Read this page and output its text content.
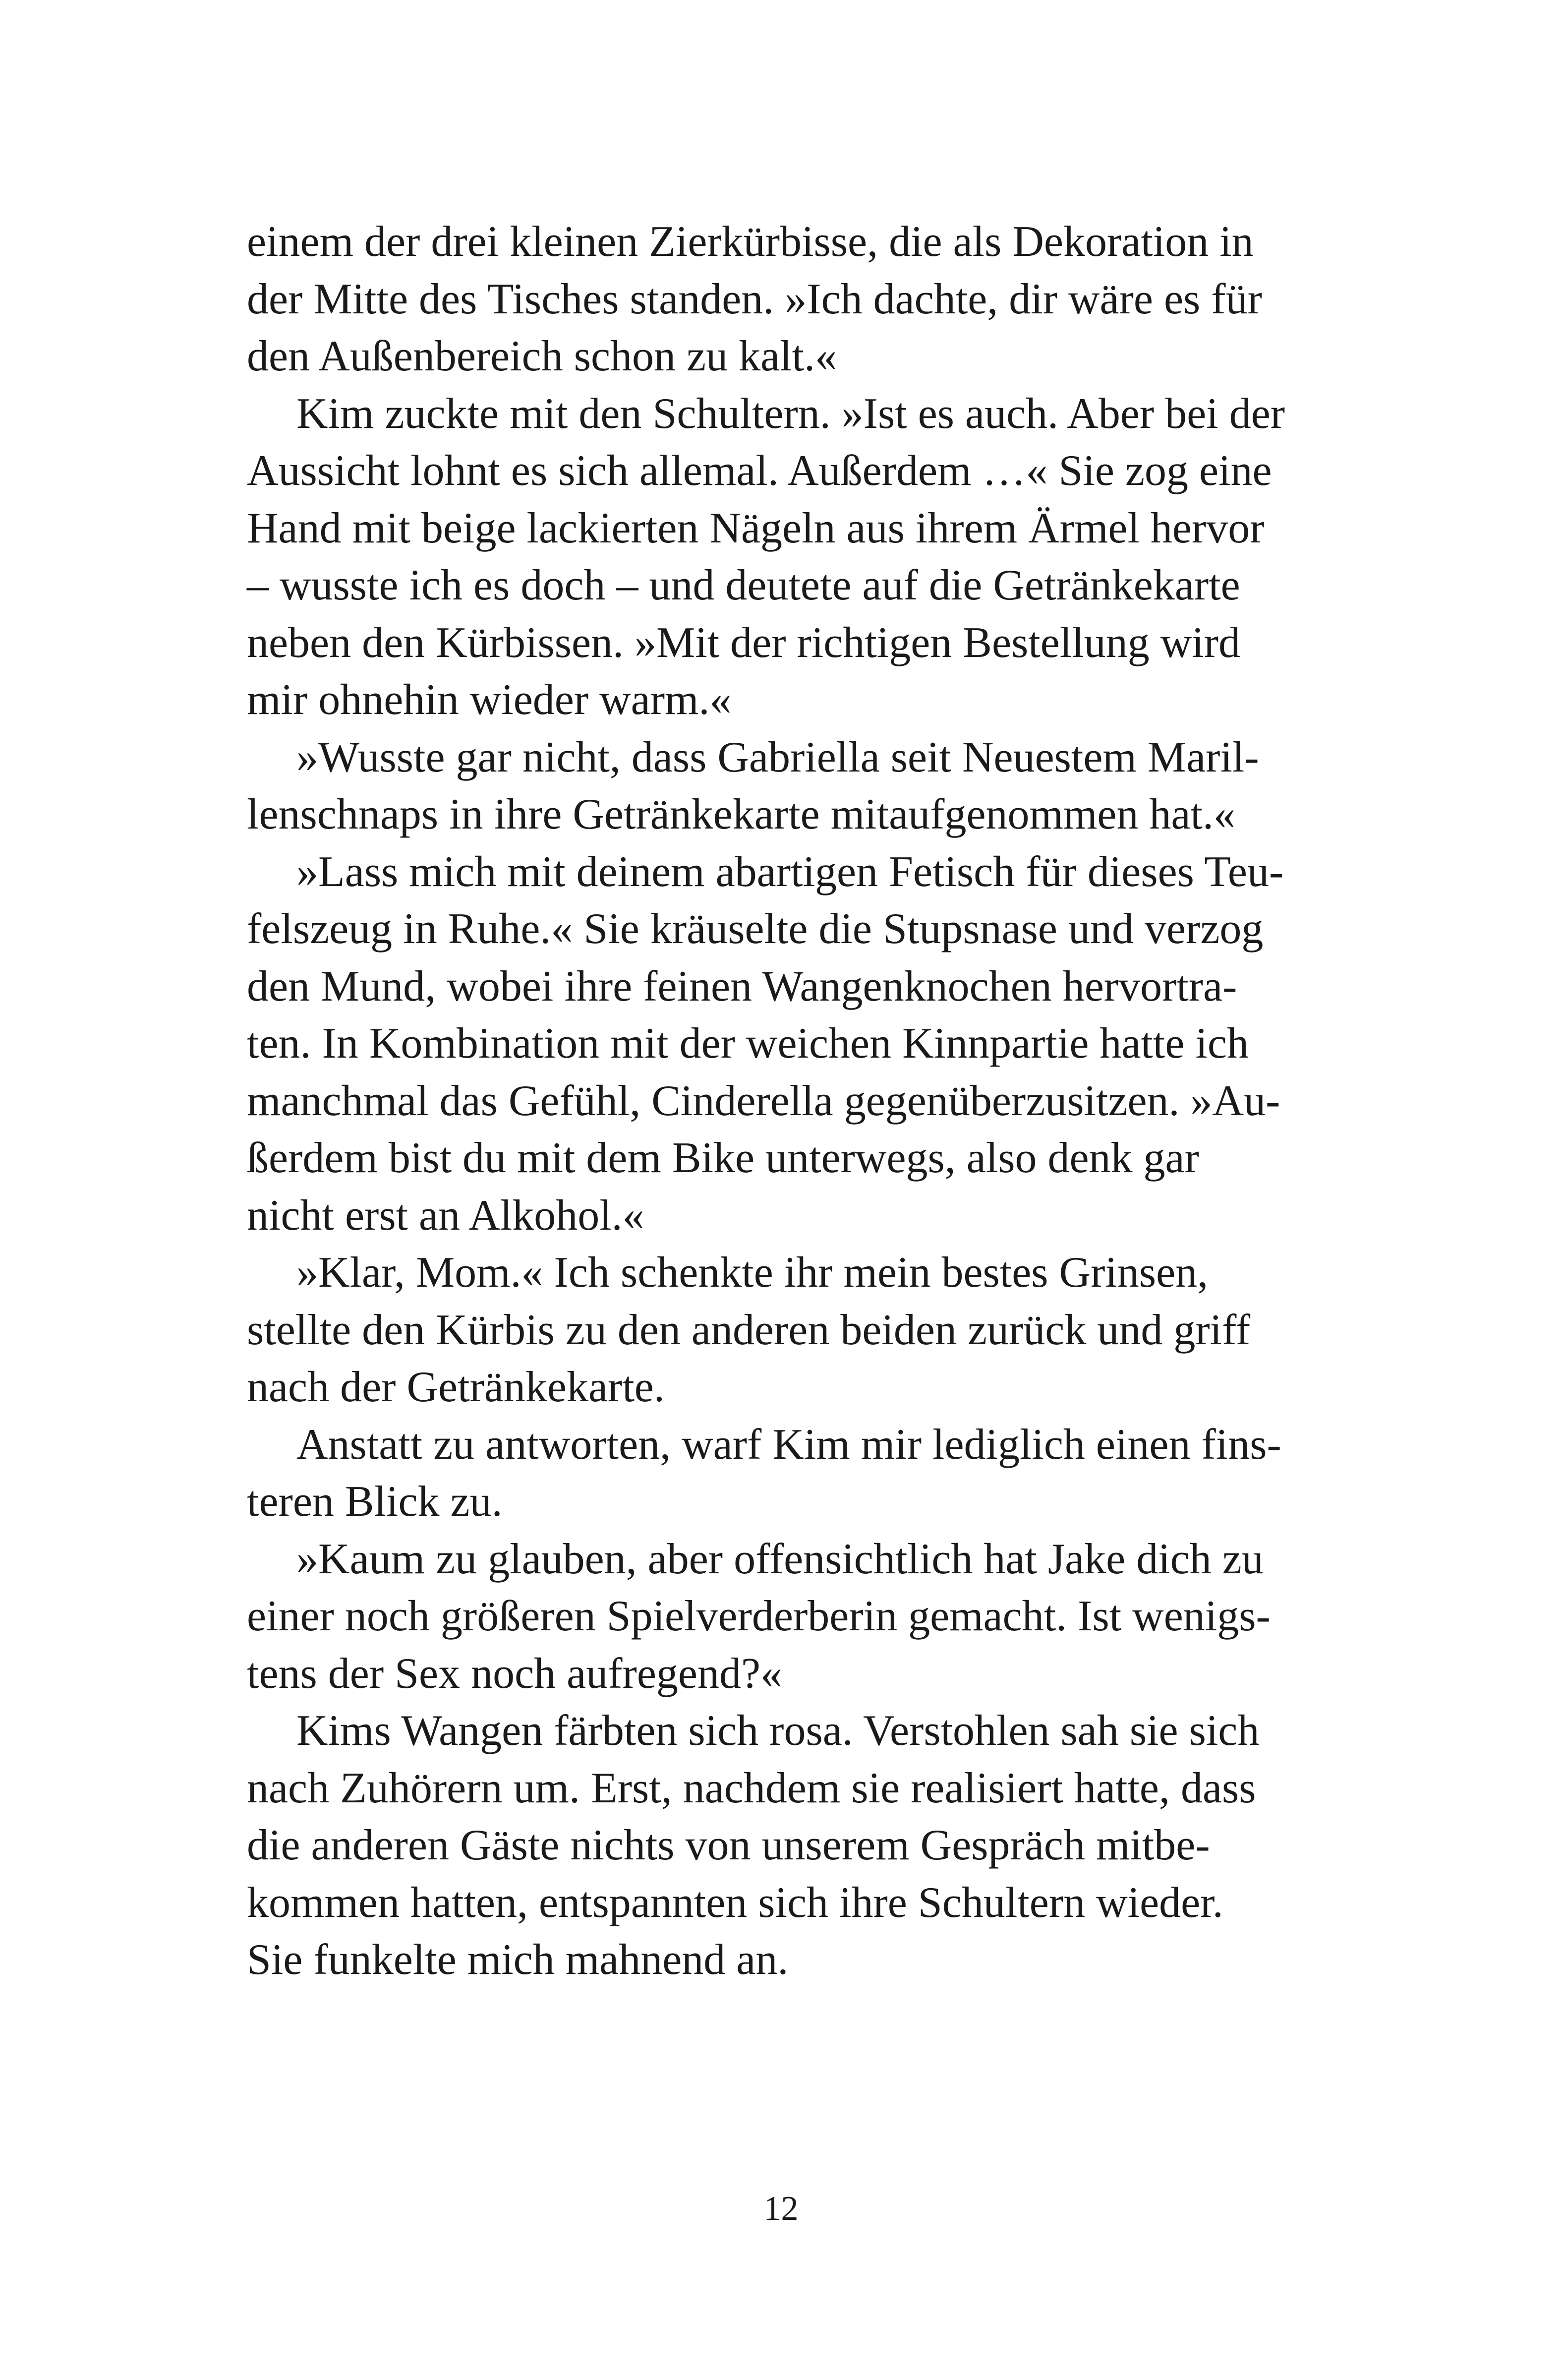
einem der drei kleinen Zierkürbisse, die als Dekoration in
der Mitte des Tisches standen. »Ich dachte, dir wäre es für
den Außenbereich schon zu kalt.«
Kim zuckte mit den Schultern. »Ist es auch. Aber bei der
Aussicht lohnt es sich allemal. Außerdem …« Sie zog eine
Hand mit beige lackierten Nägeln aus ihrem Ärmel hervor
– wusste ich es doch – und deutete auf die Getränkekarte
neben den Kürbissen. »Mit der richtigen Bestellung wird
mir ohnehin wieder warm.«
»Wusste gar nicht, dass Gabriella seit Neuestem Maril-
lenschnaps in ihre Getränkekarte mitaufgenommen hat.«
»Lass mich mit deinem abartigen Fetisch für dieses Teu-
felszeug in Ruhe.« Sie kräuselte die Stupsnase und verzog
den Mund, wobei ihre feinen Wangenknochen hervortra-
ten. In Kombination mit der weichen Kinnpartie hatte ich
manchmal das Gefühl, Cinderella gegenüberzusitzen. »Au-
ßerdem bist du mit dem Bike unterwegs, also denk gar
nicht erst an Alkohol.«
»Klar, Mom.« Ich schenkte ihr mein bestes Grinsen,
stellte den Kürbis zu den anderen beiden zurück und griff
nach der Getränkekarte.
Anstatt zu antworten, warf Kim mir lediglich einen fins-
teren Blick zu.
»Kaum zu glauben, aber offensichtlich hat Jake dich zu
einer noch größeren Spielverderberin gemacht. Ist wenigs-
tens der Sex noch aufregend?«
Kims Wangen färbten sich rosa. Verstohlen sah sie sich
nach Zuhörern um. Erst, nachdem sie realisiert hatte, dass
die anderen Gäste nichts von unserem Gespräch mitbe-
kommen hatten, entspannten sich ihre Schultern wieder.
Sie funkelte mich mahnend an.
12
